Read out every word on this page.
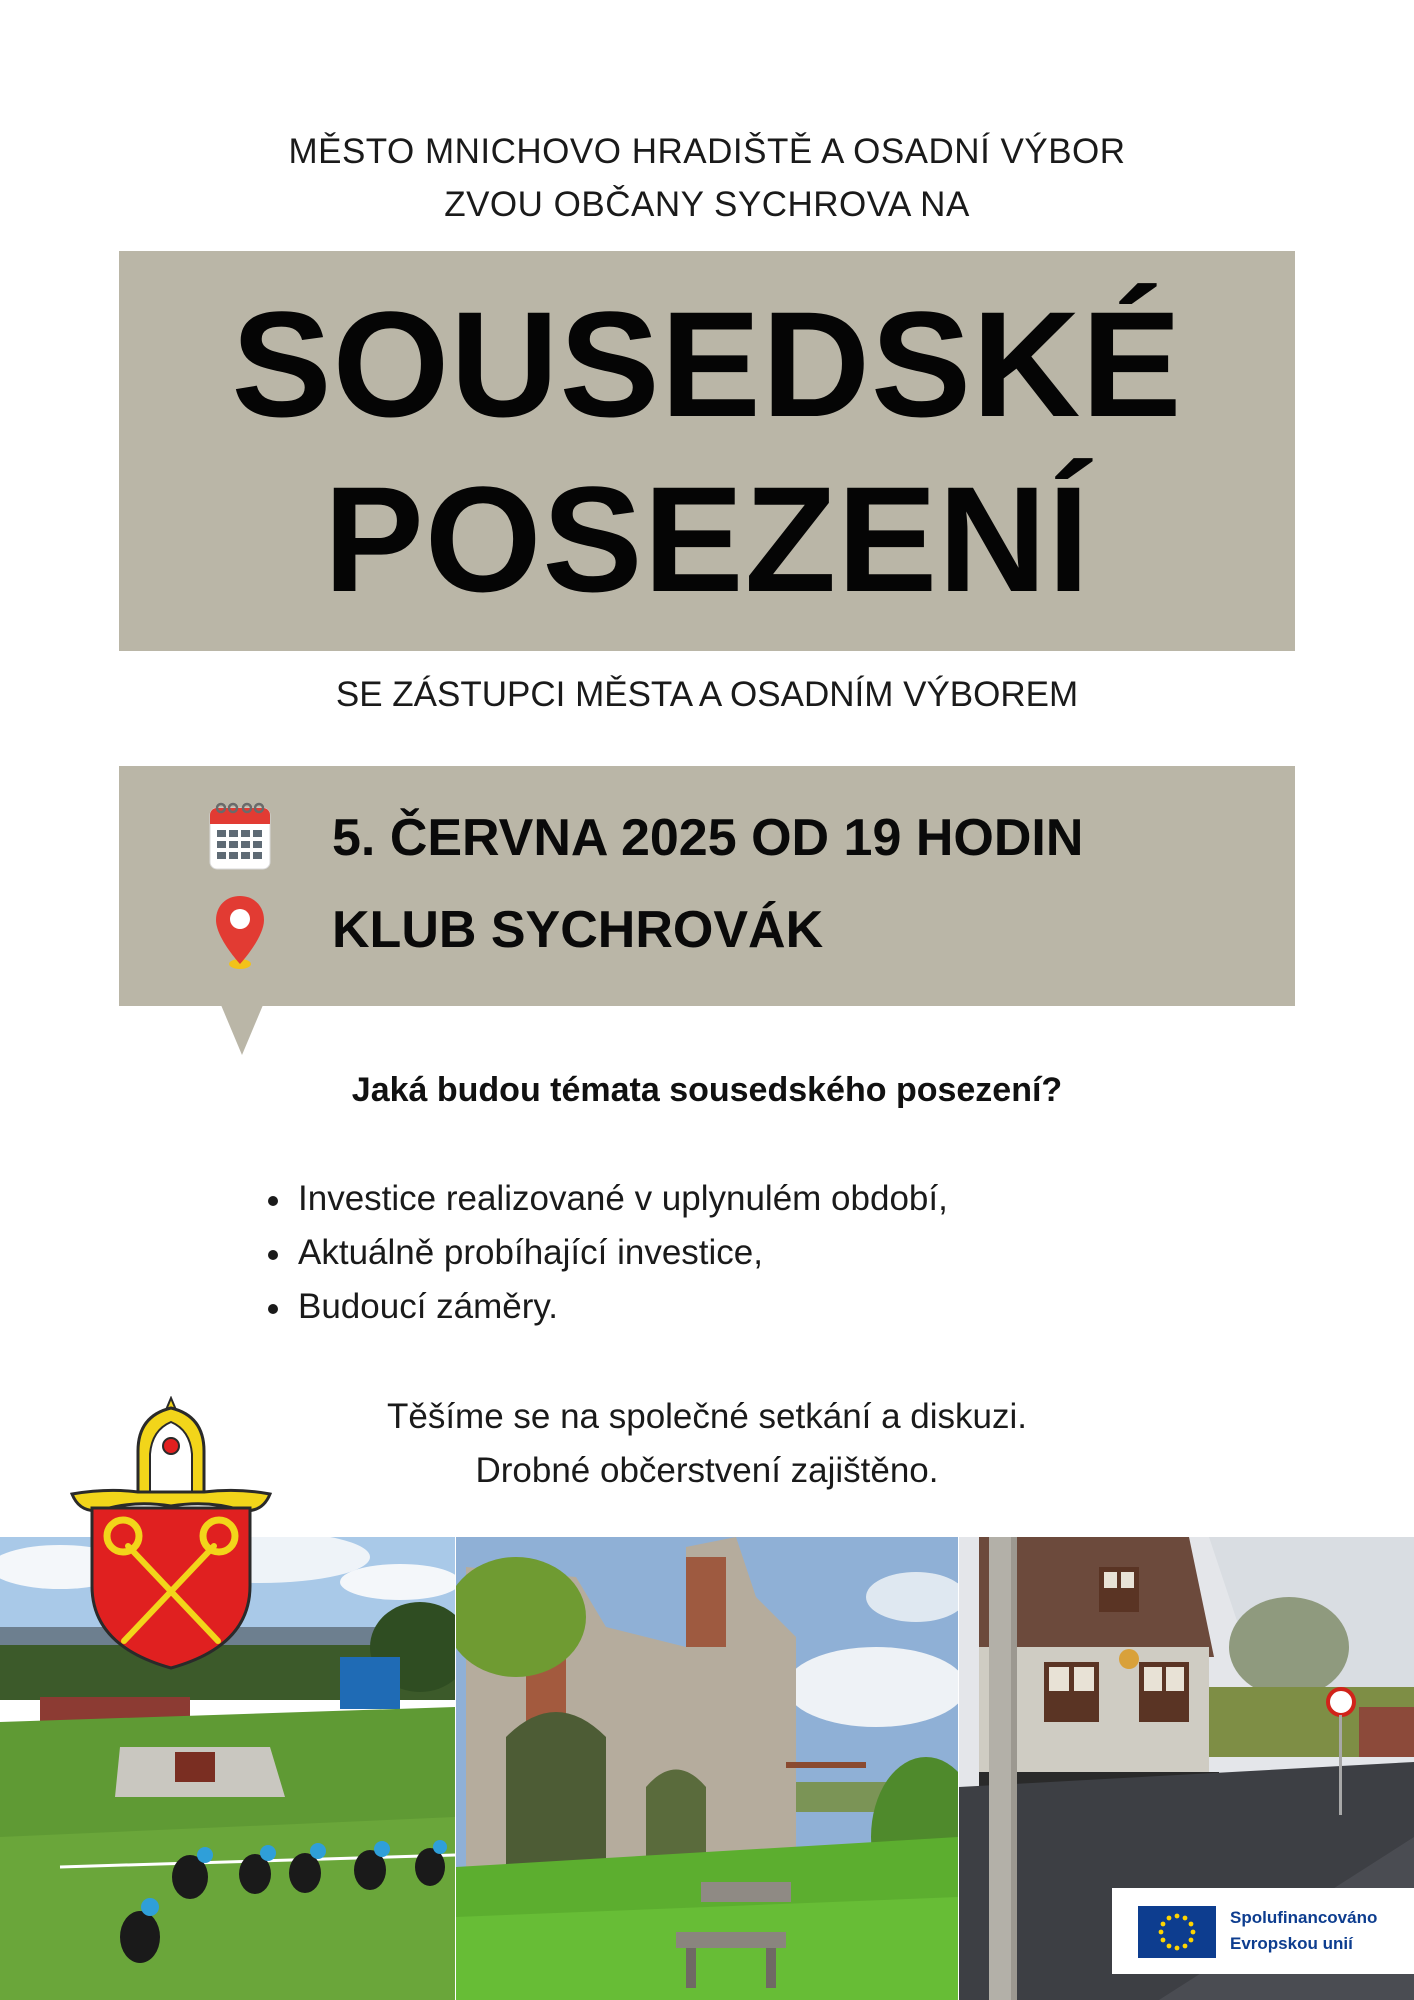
MĚSTO MNICHOVO HRADIŠTĚ A OSADNÍ VÝBOR
ZVOU OBČANY SYCHROVA NA
SOUSEDSKÉ
POSEZENÍ
SE ZÁSTUPCI MĚSTA A OSADNÍM VÝBOREM
5. ČERVNA 2025 OD 19 HODIN
KLUB SYCHROVÁK
Jaká budou témata sousedského posezení?
Investice realizované v uplynulém období,
Aktuálně probíhající investice,
Budoucí záměry.
Těšíme se na společné setkání a diskuzi.
Drobné občerstvení zajištěno.
Spolufinancováno
Evropskou unií
